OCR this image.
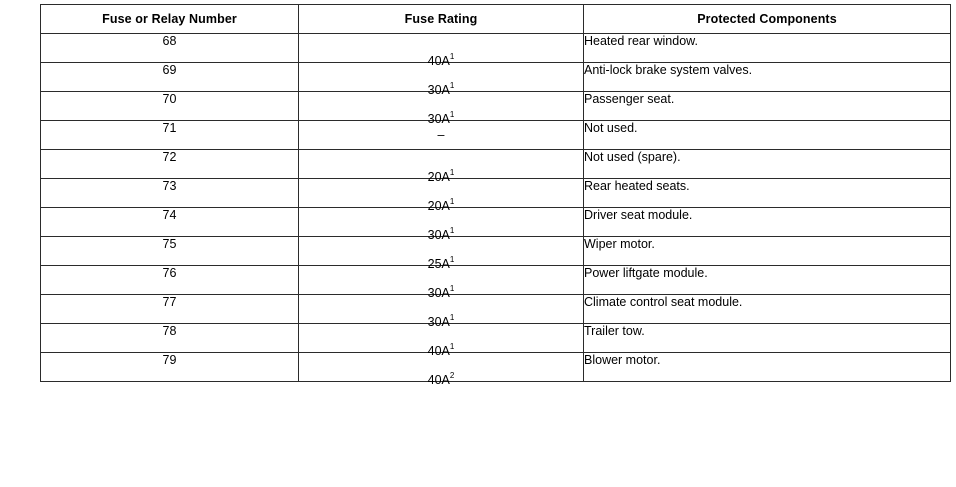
Fuse or Relay Number	Fuse Rating	Protected Components
68	$40A^1$	Heated rear window.
69	$30A^1$	Anti-lock brake system valves.
70	$30A^1$	Passenger seat.
71	–	Not used.
72	$20A^1$	Not used (spare).
73	$20A^1$	Rear heated seats.
74	$30A^1$	Driver seat module.
75	$25A^1$	Wiper motor.
76	$30A^1$	Power liftgate module.
77	$30A^1$	Climate control seat module.
78	$40A^1$	Trailer tow.
79	$40A^2$	Blower motor.
